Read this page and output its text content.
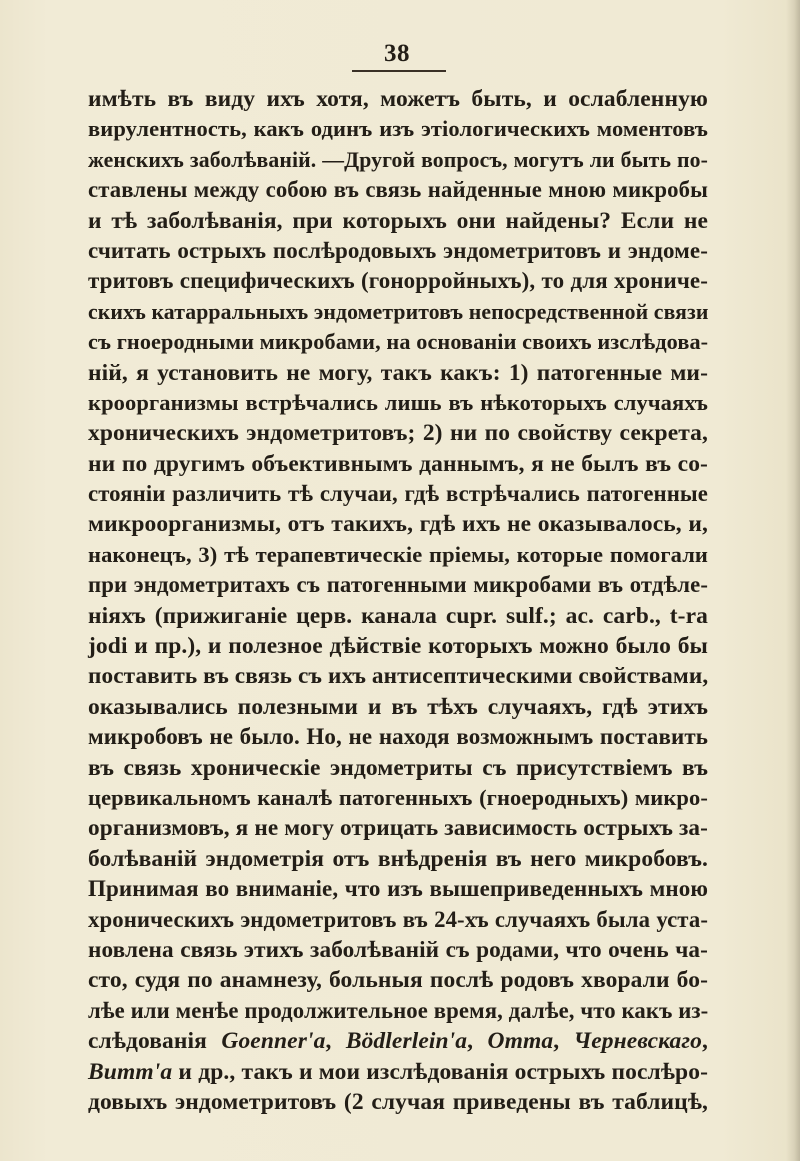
38
имѣть въ виду ихъ хотя, можетъ быть, и ослабленную
вирулентность, какъ одинъ изъ этіологическихъ моментовъ
женскихъ заболѣваній. —Другой вопросъ, могутъ ли быть по-
ставлены между собою въ связь найденные мною микробы
и тѣ заболѣванія, при которыхъ они найдены? Если не
считать острыхъ послѣродовыхъ эндометритовъ и эндоме-
тритовъ специфическихъ (гонорройныхъ), то для хрониче-
скихъ катарральныхъ эндометритовъ непосредственной связи
съ гноеродными микробами, на основаніи своихъ изслѣдова-
ній, я установить не могу, такъ какъ: 1) патогенные ми-
кроорганизмы встрѣчались лишь въ нѣкоторыхъ случаяхъ
хроническихъ эндометритовъ; 2) ни по свойству секрета,
ни по другимъ объективнымъ даннымъ, я не былъ въ со-
стояніи различить тѣ случаи, гдѣ встрѣчались патогенные
микроорганизмы, отъ такихъ, гдѣ ихъ не оказывалось, и,
наконецъ, 3) тѣ терапевтическіе пріемы, которые помогали
при эндометритахъ съ патогенными микробами въ отдѣле-
ніяхъ (прижиганіе церв. канала cupr. sulf.; ac. carb., t-ra
jodi и пр.), и полезное дѣйствіе которыхъ можно было бы
поставить въ связь съ ихъ антисептическими свойствами,
оказывались полезными и въ тѣхъ случаяхъ, гдѣ этихъ
микробовъ не было. Но, не находя возможнымъ поставить
въ связь хроническіе эндометриты съ присутствіемъ въ
цервикальномъ каналѣ патогенныхъ (гноеродныхъ) микро-
организмовъ, я не могу отрицать зависимость острыхъ за-
болѣваній эндометрія отъ внѣдренія въ него микробовъ.
Принимая во вниманіе, что изъ вышеприведенныхъ мною
хроническихъ эндометритовъ въ 24-хъ случаяхъ была уста-
новлена связь этихъ заболѣваній съ родами, что очень ча-
сто, судя по анамнезу, больныя послѣ родовъ хворали бо-
лѣе или менѣе продолжительное время, далѣе, что какъ из-
слѣдованія Goenner'a, Bödlerlein'a, Отта, Черневскаго,
Витт'а и др., такъ и мои изслѣдованія острыхъ послѣро-
довыхъ эндометритовъ (2 случая приведены въ таблицѣ,
